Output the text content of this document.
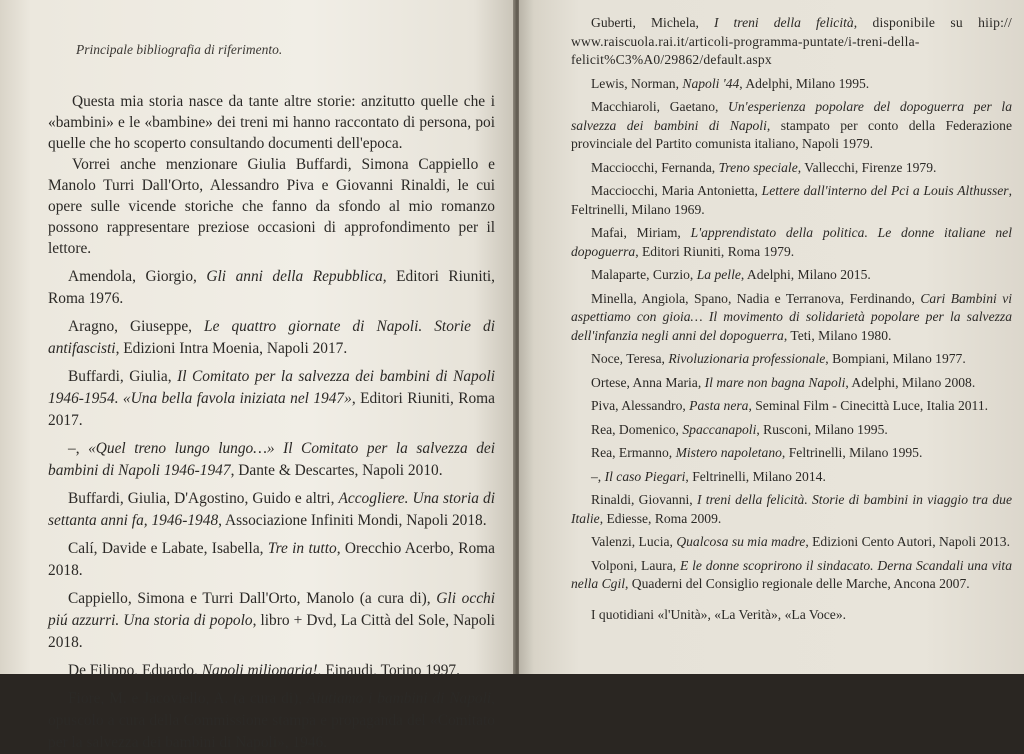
Principale bibliografia di riferimento.

Questa mia storia nasce da tante altre storie: anzitutto quelle che i «bambini» e le «bambine» dei treni mi hanno raccontato di persona, poi quelle che ho scoperto consultando documenti dell'epoca.

Vorrei anche menzionare Giulia Buffardi, Simona Cappiello e Manolo Turri Dall'Orto, Alessandro Piva e Giovanni Rinaldi, le cui opere sulle vicende storiche che fanno da sfondo al mio romanzo possono rappresentare preziose occasioni di approfondimento per il lettore.

Amendola, Giorgio, Gli anni della Repubblica, Editori Riuniti, Roma 1976.

Aragno, Giuseppe, Le quattro giornate di Napoli. Storie di antifascisti, Edizioni Intra Moenia, Napoli 2017.

Buffardi, Giulia, Il Comitato per la salvezza dei bambini di Napoli 1946-1954. «Una bella favola iniziata nel 1947», Editori Riuniti, Roma 2017.

–, «Quel treno lungo lungo…» Il Comitato per la salvezza dei bambini di Napoli 1946-1947, Dante & Descartes, Napoli 2010.

Buffardi, Giulia, D'Agostino, Guido e altri, Accogliere. Una storia di settanta anni fa, 1946-1948, Associazione Infiniti Mondi, Napoli 2018.

Calí, Davide e Labate, Isabella, Tre in tutto, Orecchio Acerbo, Roma 2018.

Cappiello, Simona e Turri Dall'Orto, Manolo (a cura di), Gli occhi piú azzurri. Una storia di popolo, libro + Dvd, La Città del Sole, Napoli 2018.

De Filippo, Eduardo, Napoli milionaria!, Einaudi, Torino 1997.

Fiore, M. e Jacoviello, A. (a cura di), Aiutiamo i bambini di Napoli, opuscolo a cura della Commissione stampa e propaganda del «Comitato per la salvezza dei bambini di Napoli», 1946.

Guberti, Michela, I treni della felicità, disponibile su hiip:// www.raiscuola.rai.it/articoli-programma-puntate/i-treni-della-felicit%C3%A0/29862/default.aspx

Lewis, Norman, Napoli '44, Adelphi, Milano 1995.

Macchiaroli, Gaetano, Un'esperienza popolare del dopoguerra per la salvezza dei bambini di Napoli, stampato per conto della Federazione provinciale del Partito comunista italiano, Napoli 1979.

Macciocchi, Fernanda, Treno speciale, Vallecchi, Firenze 1979.

Macciocchi, Maria Antonietta, Lettere dall'interno del Pci a Louis Althusser, Feltrinelli, Milano 1969.

Mafai, Miriam, L'apprendistato della politica. Le donne italiane nel dopoguerra, Editori Riuniti, Roma 1979.

Malaparte, Curzio, La pelle, Adelphi, Milano 2015.

Minella, Angiola, Spano, Nadia e Terranova, Ferdinando, Cari Bambini vi aspettiamo con gioia… Il movimento di solidarietà popolare per la salvezza dell'infanzia negli anni del dopoguerra, Teti, Milano 1980.

Noce, Teresa, Rivoluzionaria professionale, Bompiani, Milano 1977.

Ortese, Anna Maria, Il mare non bagna Napoli, Adelphi, Milano 2008.

Piva, Alessandro, Pasta nera, Seminal Film - Cinecittà Luce, Italia 2011.

Rea, Domenico, Spaccanapoli, Rusconi, Milano 1995.

Rea, Ermanno, Mistero napoletano, Feltrinelli, Milano 1995.

–, Il caso Piegari, Feltrinelli, Milano 2014.

Rinaldi, Giovanni, I treni della felicità. Storie di bambini in viaggio tra due Italie, Ediesse, Roma 2009.

Valenzi, Lucia, Qualcosa su mia madre, Edizioni Cento Autori, Napoli 2013.

Volponi, Laura, E le donne scoprirono il sindacato. Derna Scandali una vita nella Cgil, Quaderni del Consiglio regionale delle Marche, Ancona 2007.

I quotidiani «l'Unità», «La Verità», «La Voce».
